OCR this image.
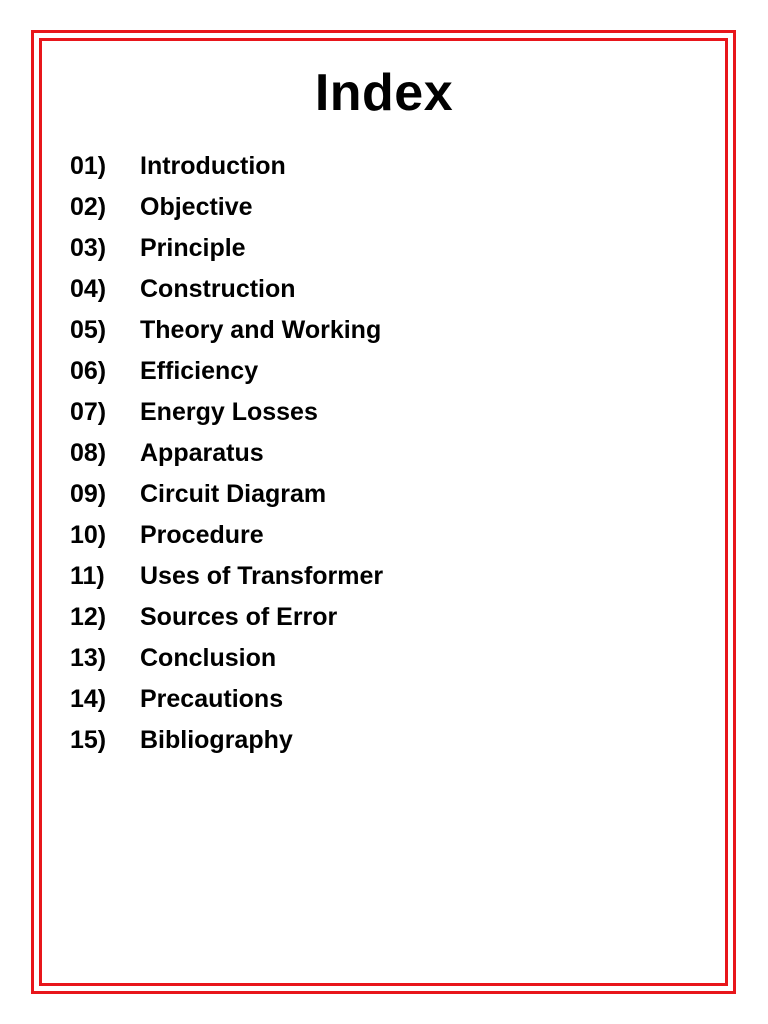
Index
01)	Introduction
02)	Objective
03)	Principle
04)	Construction
05)	Theory and Working
06)	Efficiency
07)	Energy Losses
08)	Apparatus
09)	Circuit Diagram
10)	Procedure
11)	Uses of Transformer
12)	Sources of Error
13)	Conclusion
14)	Precautions
15)	Bibliography
